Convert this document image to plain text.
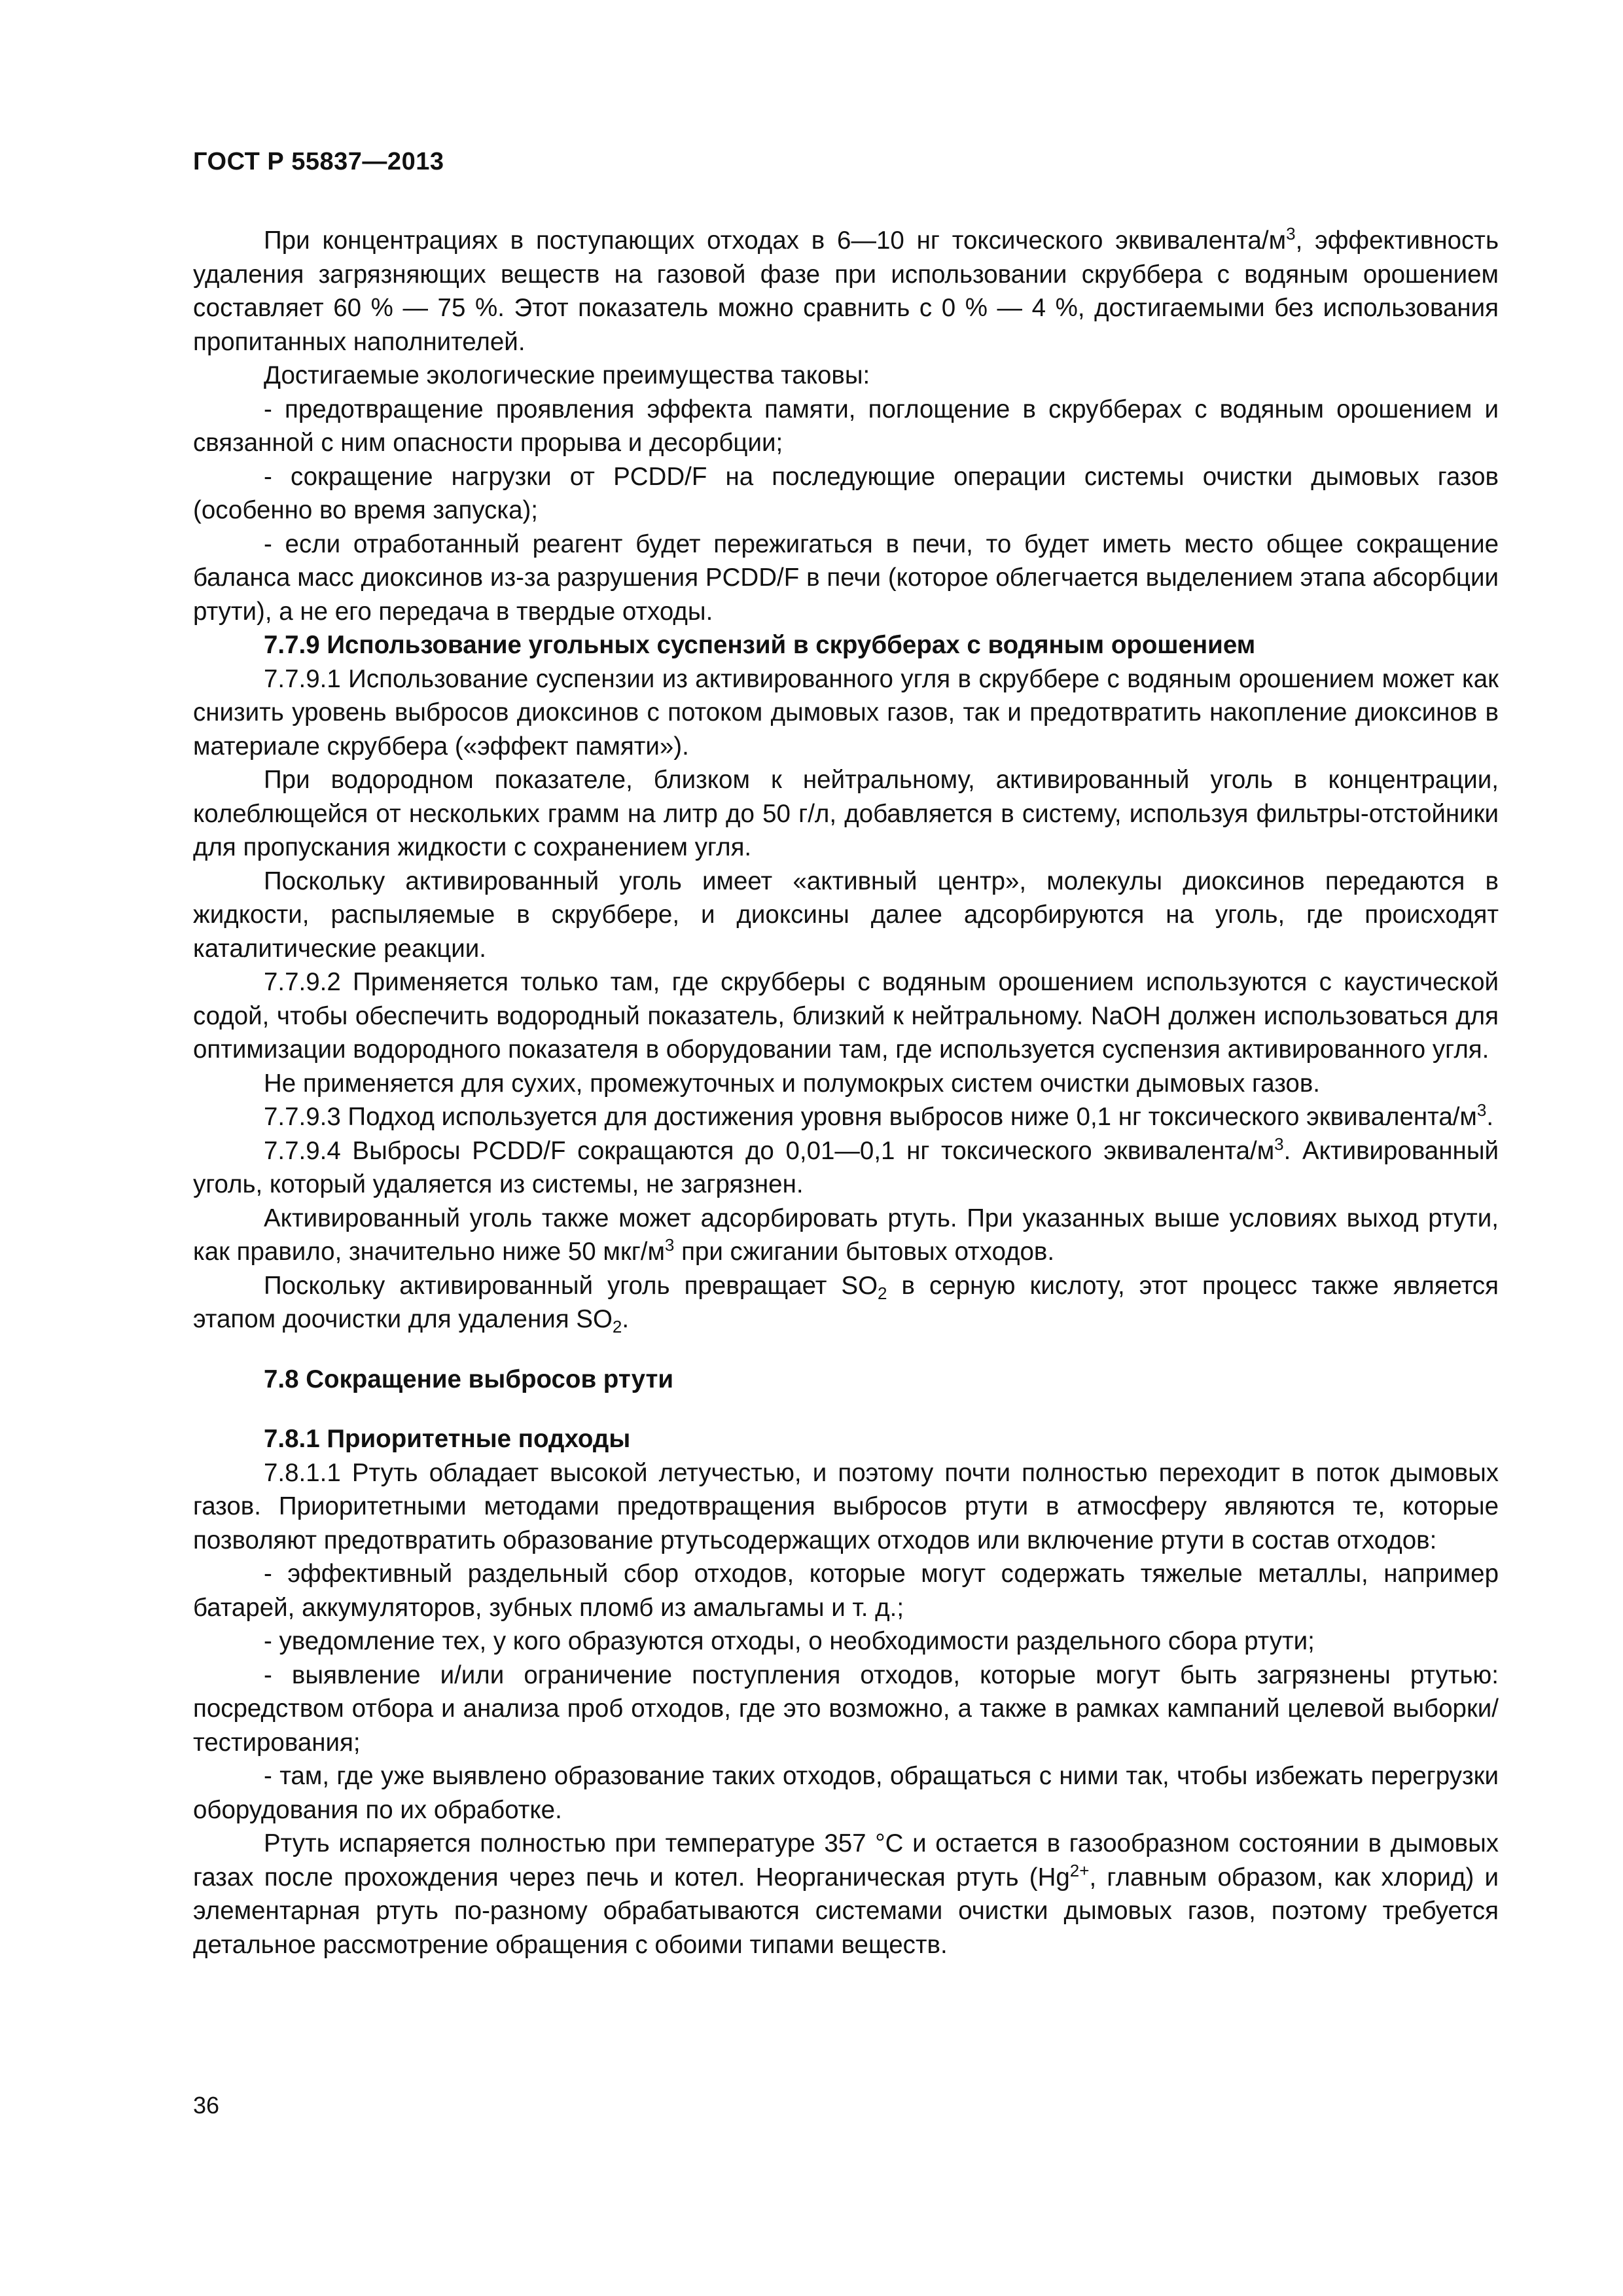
ГОСТ Р 55837—2013

При концентрациях в поступающих отходах в 6—10 нг токсического эквивалента/$м^3$, эффективность удаления загрязняющих веществ на газовой фазе при использовании скруббера с водяным орошением составляет 60 % — 75 %. Этот показатель можно сравнить с 0 % — 4 %, достигаемыми без использования пропитанных наполнителей.

Достигаемые экологические преимущества таковы:

- предотвращение проявления эффекта памяти, поглощение в скрубберах с водяным орошением и связанной с ним опасности прорыва и десорбции;

- сокращение нагрузки от PCDD/F на последующие операции системы очистки дымовых газов (особенно во время запуска);

- если отработанный реагент будет пережигаться в печи, то будет иметь место общее сокращение баланса масс диоксинов из-за разрушения PCDD/F в печи (которое облегчается выделением этапа абсорбции ртути), а не его передача в твердые отходы.

7.7.9 Использование угольных суспензий в скрубберах с водяным орошением

7.7.9.1 Использование суспензии из активированного угля в скруббере с водяным орошением может как снизить уровень выбросов диоксинов с потоком дымовых газов, так и предотвратить накопление диоксинов в материале скруббера («эффект памяти»).

При водородном показателе, близком к нейтральному, активированный уголь в концентрации, колеблющейся от нескольких грамм на литр до 50 г/л, добавляется в систему, используя фильтры-отстойники для пропускания жидкости с сохранением угля.

Поскольку активированный уголь имеет «активный центр», молекулы диоксинов передаются в жидкости, распыляемые в скруббере, и диоксины далее адсорбируются на уголь, где происходят каталитические реакции.

7.7.9.2 Применяется только там, где скрубберы с водяным орошением используются с каустической содой, чтобы обеспечить водородный показатель, близкий к нейтральному. NaOH должен использоваться для оптимизации водородного показателя в оборудовании там, где используется суспензия активированного угля.

Не применяется для сухих, промежуточных и полумокрых систем очистки дымовых газов.

7.7.9.3 Подход используется для достижения уровня выбросов ниже 0,1 нг токсического эквивалента/$м^3$.

7.7.9.4 Выбросы PCDD/F сокращаются до 0,01—0,1 нг токсического эквивалента/$м^3$. Активированный уголь, который удаляется из системы, не загрязнен.

Активированный уголь также может адсорбировать ртуть. При указанных выше условиях выход ртути, как правило, значительно ниже 50 мкг/$м^3$ при сжигании бытовых отходов.

Поскольку активированный уголь превращает $SO_2$ в серную кислоту, этот процесс также является этапом доочистки для удаления $SO_2$.

7.8 Сокращение выбросов ртути

7.8.1 Приоритетные подходы

7.8.1.1 Ртуть обладает высокой летучестью, и поэтому почти полностью переходит в поток дымовых газов. Приоритетными методами предотвращения выбросов ртути в атмосферу являются те, которые позволяют предотвратить образование ртутьсодержащих отходов или включение ртути в состав отходов:

- эффективный раздельный сбор отходов, которые могут содержать тяжелые металлы, например батарей, аккумуляторов, зубных пломб из амальгамы и т. д.;

- уведомление тех, у кого образуются отходы, о необходимости раздельного сбора ртути;

- выявление и/или ограничение поступления отходов, которые могут быть загрязнены ртутью: посредством отбора и анализа проб отходов, где это возможно, а также в рамках кампаний целевой выборки/тестирования;

- там, где уже выявлено образование таких отходов, обращаться с ними так, чтобы избежать перегрузки оборудования по их обработке.

Ртуть испаряется полностью при температуре 357 °С и остается в газообразном состоянии в дымовых газах после прохождения через печь и котел. Неорганическая ртуть ($Hg^{2+}$, главным образом, как хлорид) и элементарная ртуть по-разному обрабатываются системами очистки дымовых газов, поэтому требуется детальное рассмотрение обращения с обоими типами веществ.

36
